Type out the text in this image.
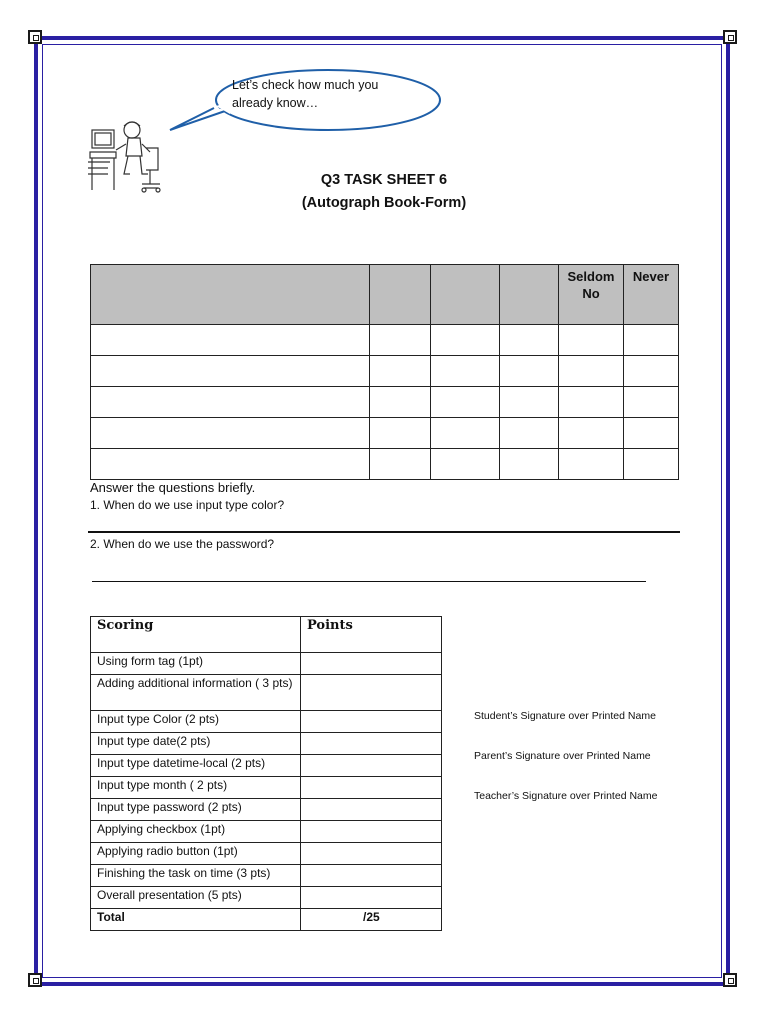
Let’s check how much you already know…
Q3 TASK SHEET 6
(Autograph Book-Form)
				Seldom No	Never

Answer the questions briefly.
1. When do we use input type color?
2. When do we use the password?
Scoring	Points
Using form tag (1pt)	
Adding additional information ( 3 pts)	
Input type Color (2 pts)	
Input type date(2 pts)	
Input type datetime-local (2 pts)	
Input type month ( 2 pts)	
Input type password (2 pts)	
Applying checkbox (1pt)	
Applying radio button (1pt)	
Finishing the task on time (3 pts)	
Overall presentation (5 pts)	
Total	/25
Student’s Signature over Printed Name
Parent’s Signature over Printed Name
Teacher’s Signature over Printed Name
